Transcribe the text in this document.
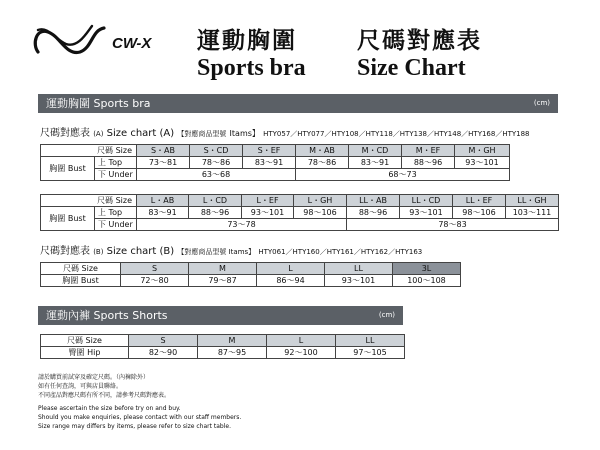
CW-X 運動胸圍
Sports bra
尺碼對應表
Size Chart
運動胸圍 Sports bra	(cm)
尺碼對應表 (A) Size chart (A) 【對應商品型號 Itams】 HTY057／HTY077／HTY108／HTY118／HTY138／HTY148／HTY168／HTY188
尺碼 Size		S・AB	S・CD	S・EF	M・AB	M・CD	M・EF	M・GH
胸圍 Bust	上 Top	73～81	78～86	83～91	78～86	83～91	88～96	93～101
	下 Under	63～68			68～73			
尺碼 Size		L・AB	L・CD	L・EF	L・GH	LL・AB	LL・CD	LL・EF	LL・GH
胸圍 Bust	上 Top	83～91	88～96	93～101	98～106	88～96	93～101	98～106	103～111
	下 Under	73～78				78～83			
尺碼對應表 (B) Size chart (B) 【對應商品型號 Itams】 HTY061／HTY160／HTY161／HTY162／HTY163
尺碼 Size	S	M	L	LL	3L
胸圍 Bust	72～80	79～87	86～94	93～101	100～108
運動內褲 Sports Shorts	(cm)
尺碼 Size	S	M	L	LL
臀圍 Hip	82～90	87～95	92～100	97～105
請於購買前試穿及確定尺碼。（內褲除外）
如有任何查詢，可與店員聯絡。
不同產品對應尺碼有所不同，請參考尺碼對應表。
Please ascertain the size before try on and buy.
Should you make enquiries, please contact with our staff members.
Size range may differs by items, please refer to size chart table.
